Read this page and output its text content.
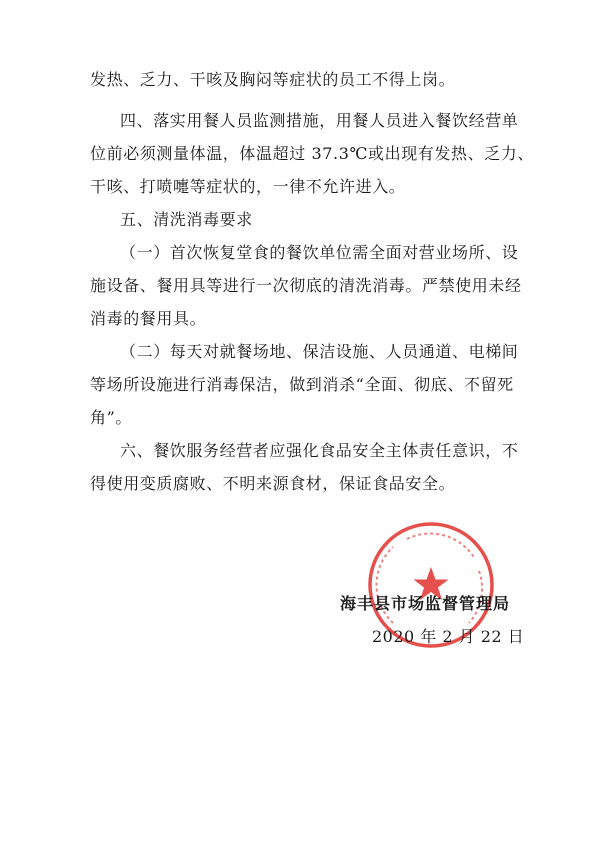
发热、乏力、干咳及胸闷等症状的员工不得上岗。
四、落实用餐人员监测措施，用餐人员进入餐饮经营单
位前必须测量体温，体温超过 37.3℃或出现有发热、乏力、
干咳、打喷嚏等症状的，一律不允许进入。
五、清洗消毒要求
（一）首次恢复堂食的餐饮单位需全面对营业场所、设
施设备、餐用具等进行一次彻底的清洗消毒。严禁使用未经
消毒的餐用具。
（二）每天对就餐场地、保洁设施、人员通道、电梯间
等场所设施进行消毒保洁，做到消杀“全面、彻底、不留死
角”。
六、餐饮服务经营者应强化食品安全主体责任意识，不
得使用变质腐败、不明来源食材，保证食品安全。
海丰县市场监督管理局
2020 年 2 月 22 日
